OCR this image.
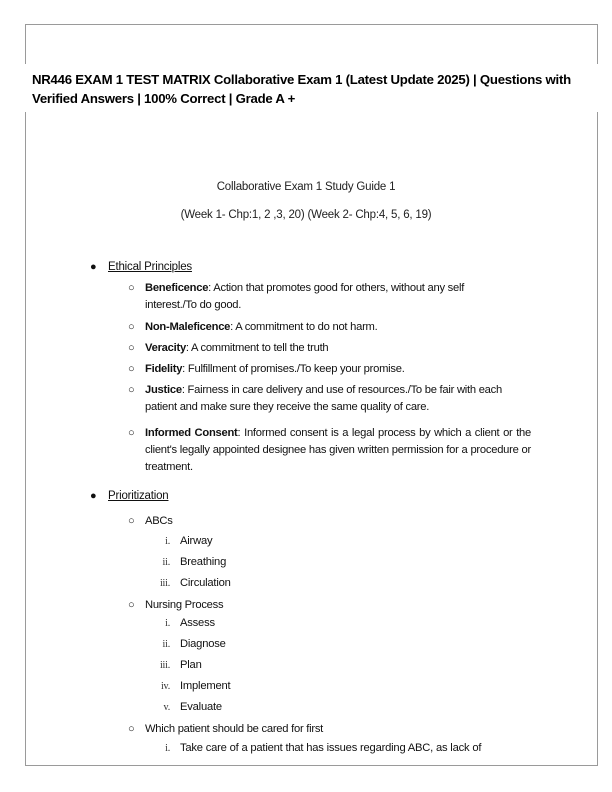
NR446 EXAM 1 TEST MATRIX Collaborative Exam 1 (Latest Update 2025) | Questions with Verified Answers | 100% Correct | Grade A +
Collaborative Exam 1 Study Guide 1
(Week 1- Chp:1, 2 ,3, 20) (Week 2- Chp:4, 5, 6, 19)
● Ethical Principles
○ Beneficence: Action that promotes good for others, without any self interest./To do good.
○ Non-Maleficence: A commitment to do not harm.
○ Veracity: A commitment to tell the truth
○ Fidelity: Fulfillment of promises./To keep your promise.
○ Justice: Fairness in care delivery and use of resources./To be fair with each patient and make sure they receive the same quality of care.
○ Informed Consent: Informed consent is a legal process by which a client or the client's legally appointed designee has given written permission for a procedure or treatment.
● Prioritization
○ ABCs
i. Airway
ii. Breathing
iii. Circulation
○ Nursing Process
i. Assess
ii. Diagnose
iii. Plan
iv. Implement
v. Evaluate
○ Which patient should be cared for first
i. Take care of a patient that has issues regarding ABC, as lack of
